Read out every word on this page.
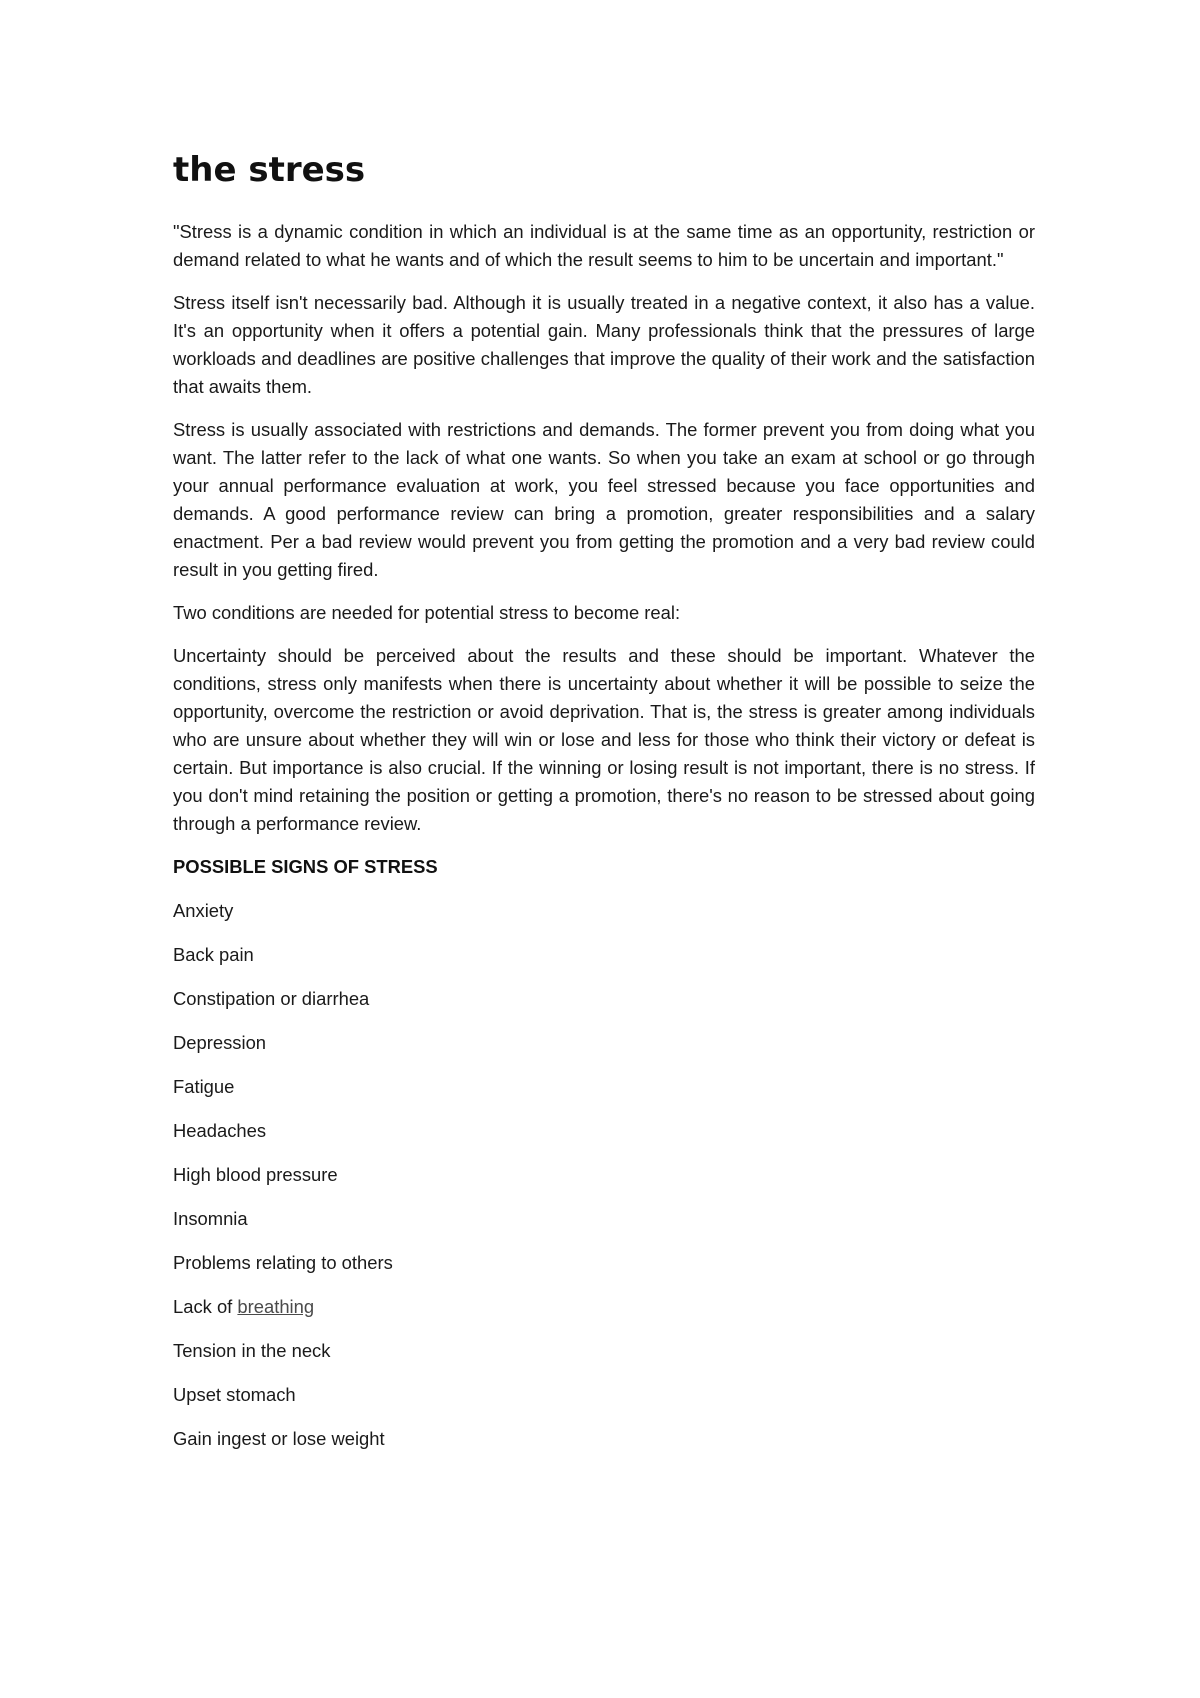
the stress

"Stress is a dynamic condition in which an individual is at the same time as an opportunity, restriction or demand related to what he wants and of which the result seems to him to be uncertain and important."

Stress itself isn't necessarily bad. Although it is usually treated in a negative context, it also has a value. It's an opportunity when it offers a potential gain. Many professionals think that the pressures of large workloads and deadlines are positive challenges that improve the quality of their work and the satisfaction that awaits them.

Stress is usually associated with restrictions and demands. The former prevent you from doing what you want. The latter refer to the lack of what one wants. So when you take an exam at school or go through your annual performance evaluation at work, you feel stressed because you face opportunities and demands. A good performance review can bring a promotion, greater responsibilities and a salary enactment. Per a bad review would prevent you from getting the promotion and a very bad review could result in you getting fired.

Two conditions are needed for potential stress to become real:

Uncertainty should be perceived about the results and these should be important. Whatever the conditions, stress only manifests when there is uncertainty about whether it will be possible to seize the opportunity, overcome the restriction or avoid deprivation. That is, the stress is greater among individuals who are unsure about whether they will win or lose and less for those who think their victory or defeat is certain. But importance is also crucial. If the winning or losing result is not important, there is no stress. If you don't mind retaining the position or getting a promotion, there's no reason to be stressed about going through a performance review.

POSSIBLE SIGNS OF STRESS
Anxiety
Back pain
Constipation or diarrhea
Depression
Fatigue
Headaches
High blood pressure
Insomnia
Problems relating to others
Lack of breathing
Tension in the neck
Upset stomach
Gain ingest or lose weight
